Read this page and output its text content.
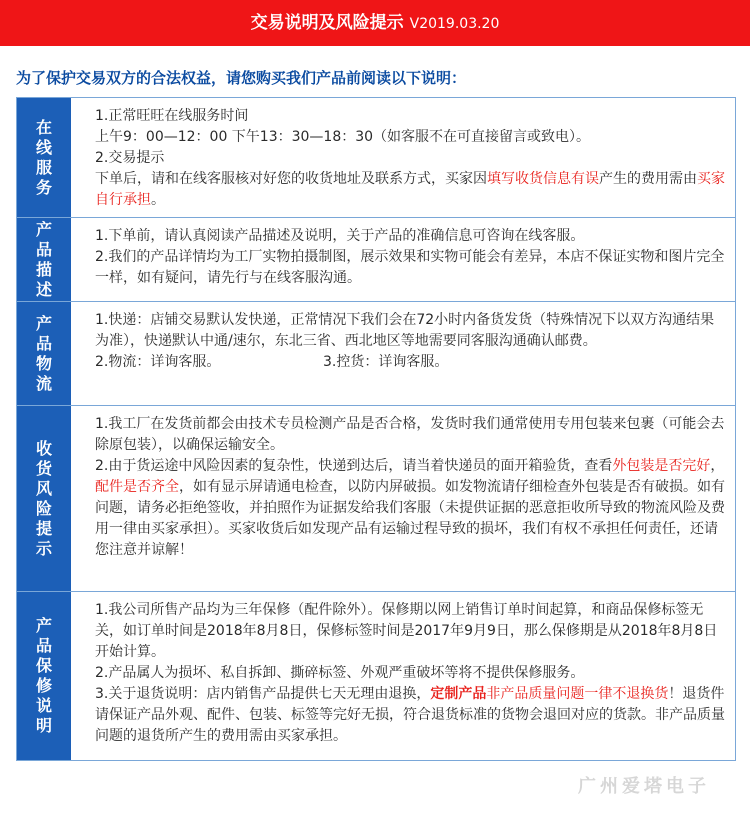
交易说明及风险提示 V2019.03.20
为了保护交易双方的合法权益，请您购买我们产品前阅读以下说明：
在线服务

1.正常旺旺在线服务时间

上午9：00—12：00 下午13：30—18：30（如客服不在可直接留言或致电）。

2.交易提示

下单后，请和在线客服核对好您的收货地址及联系方式，买家因填写收货信息有误产生的费用需由买家自行承担。

产品描述

1.下单前，请认真阅读产品描述及说明，关于产品的准确信息可咨询在线客服。

2.我们的产品详情均为工厂实物拍摄制图，展示效果和实物可能会有差异，本店不保证实物和图片完全一样，如有疑问，请先行与在线客服沟通。

产品物流

1.快递：店铺交易默认发快递，正常情况下我们会在72小时内备货发货（特殊情况下以双方沟通结果为准），快递默认中通/速尔，东北三省、西北地区等地需要同客服沟通确认邮费。

2.物流：详询客服。	3.控货：详询客服。

收货风险提示

1.我工厂在发货前都会由技术专员检测产品是否合格，发货时我们通常使用专用包装来包裹（可能会去除原包装），以确保运输安全。

2.由于货运途中风险因素的复杂性，快递到达后，请当着快递员的面开箱验货，查看外包装是否完好，配件是否齐全，如有显示屏请通电检查，以防内屏破损。如发物流请仔细检查外包装是否有破损。如有问题，请务必拒绝签收，并拍照作为证据发给我们客服（未提供证据的恶意拒收所导致的物流风险及费用一律由买家承担）。买家收货后如发现产品有运输过程导致的损坏，我们有权不承担任何责任，还请您注意并谅解！

产品保修说明

1.我公司所售产品均为三年保修（配件除外）。保修期以网上销售订单时间起算，和商品保修标签无关，如订单时间是2018年8月8日，保修标签时间是2017年9月9日，那么保修期是从2018年8月8日开始计算。

2.产品属人为损坏、私自拆卸、撕碎标签、外观严重破坏等将不提供保修服务。

3.关于退货说明：店内销售产品提供七天无理由退换，定制产品非产品质量问题一律不退换货！退货件请保证产品外观、配件、包装、标签等完好无损，符合退货标准的货物会退回对应的货款。非产品质量问题的退货所产生的费用需由买家承担。

广州爱塔电子
